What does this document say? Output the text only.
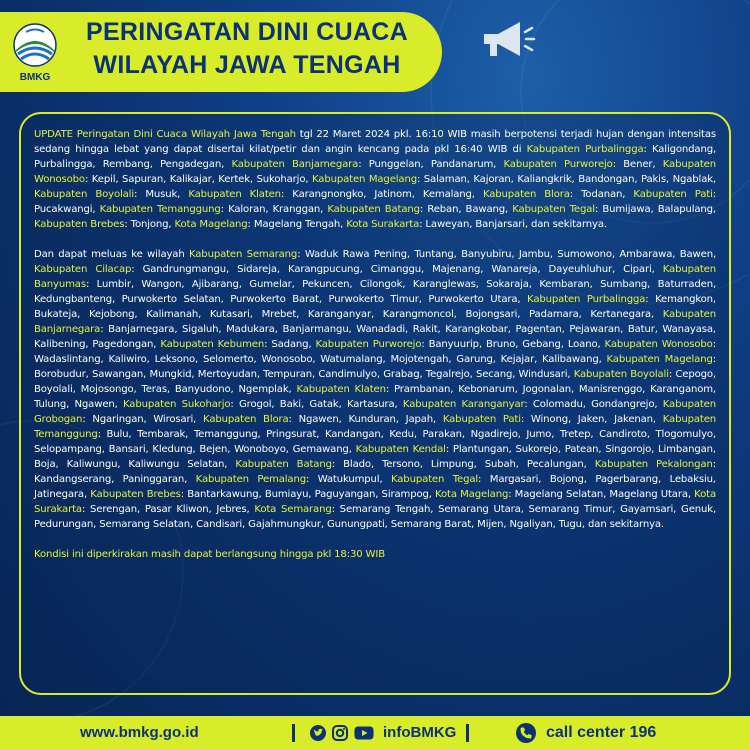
BMKG
PERINGATAN DINI CUACA
WILAYAH JAWA TENGAH

UPDATE Peringatan Dini Cuaca Wilayah Jawa Tengah tgl 22 Maret 2024 pkl. 16:10 WIB masih berpotensi terjadi hujan dengan intensitas sedang hingga lebat yang dapat disertai kilat/petir dan angin kencang pada pkl 16:40 WIB di Kabupaten Purbalingga: Kaligondang, Purbalingga, Rembang, Pengadegan, Kabupaten Banjarnegara: Punggelan, Pandanarum, Kabupaten Purworejo: Bener, Kabupaten Wonosobo: Kepil, Sapuran, Kalikajar, Kertek, Sukoharjo, Kabupaten Magelang: Salaman, Kajoran, Kaliangkrik, Bandongan, Pakis, Ngablak, Kabupaten Boyolali: Musuk, Kabupaten Klaten: Karangnongko, Jatinom, Kemalang, Kabupaten Blora: Todanan, Kabupaten Pati: Pucakwangi, Kabupaten Temanggung: Kaloran, Kranggan, Kabupaten Batang: Reban, Bawang, Kabupaten Tegal: Bumijawa, Balapulang, Kabupaten Brebes: Tonjong, Kota Magelang: Magelang Tengah, Kota Surakarta: Laweyan, Banjarsari, dan sekitarnya.

Dan dapat meluas ke wilayah Kabupaten Semarang: Waduk Rawa Pening, Tuntang, Banyubiru, Jambu, Sumowono, Ambarawa, Bawen, Kabupaten Cilacap: Gandrungmangu, Sidareja, Karangpucung, Cimanggu, Majenang, Wanareja, Dayeuhluhur, Cipari, Kabupaten Banyumas: Lumbir, Wangon, Ajibarang, Gumelar, Pekuncen, Cilongok, Karanglewas, Sokaraja, Kembaran, Sumbang, Baturraden, Kedungbanteng, Purwokerto Selatan, Purwokerto Barat, Purwokerto Timur, Purwokerto Utara, Kabupaten Purbalingga: Kemangkon, Bukateja, Kejobong, Kalimanah, Kutasari, Mrebet, Karanganyar, Karangmoncol, Bojongsari, Padamara, Kertanegara, Kabupaten Banjarnegara: Banjarnegara, Sigaluh, Madukara, Banjarmangu, Wanadadi, Rakit, Karangkobar, Pagentan, Pejawaran, Batur, Wanayasa, Kalibening, Pagedongan, Kabupaten Kebumen: Sadang, Kabupaten Purworejo: Banyuurip, Bruno, Gebang, Loano, Kabupaten Wonosobo: Wadaslintang, Kaliwiro, Leksono, Selomerto, Wonosobo, Watumalang, Mojotengah, Garung, Kejajar, Kalibawang, Kabupaten Magelang: Borobudur, Sawangan, Mungkid, Mertoyudan, Tempuran, Candimulyo, Grabag, Tegalrejo, Secang, Windusari, Kabupaten Boyolali: Cepogo, Boyolali, Mojosongo, Teras, Banyudono, Ngemplak, Kabupaten Klaten: Prambanan, Kebonarum, Jogonalan, Manisrenggo, Karanganom, Tulung, Ngawen, Kabupaten Sukoharjo: Grogol, Baki, Gatak, Kartasura, Kabupaten Karanganyar: Colomadu, Gondangrejo, Kabupaten Grobogan: Ngaringan, Wirosari, Kabupaten Blora: Ngawen, Kunduran, Japah, Kabupaten Pati: Winong, Jaken, Jakenan, Kabupaten Temanggung: Bulu, Tembarak, Temanggung, Pringsurat, Kandangan, Kedu, Parakan, Ngadirejo, Jumo, Tretep, Candiroto, Tlogomulyo, Selopampang, Bansari, Kledung, Bejen, Wonoboyo, Gemawang, Kabupaten Kendal: Plantungan, Sukorejo, Patean, Singorojo, Limbangan, Boja, Kaliwungu, Kaliwungu Selatan, Kabupaten Batang: Blado, Tersono, Limpung, Subah, Pecalungan, Kabupaten Pekalongan: Kandangserang, Paninggaran, Kabupaten Pemalang: Watukumpul, Kabupaten Tegal: Margasari, Bojong, Pagerbarang, Lebaksiu, Jatinegara, Kabupaten Brebes: Bantarkawung, Bumiayu, Paguyangan, Sirampog, Kota Magelang: Magelang Selatan, Magelang Utara, Kota Surakarta: Serengan, Pasar Kliwon, Jebres, Kota Semarang: Semarang Tengah, Semarang Utara, Semarang Timur, Gayamsari, Genuk, Pedurungan, Semarang Selatan, Candisari, Gajahmungkur, Gunungpati, Semarang Barat, Mijen, Ngaliyan, Tugu, dan sekitarnya.

Kondisi ini diperkirakan masih dapat berlangsung hingga pkl 18:30 WIB

www.bmkg.go.id	infoBMKG	call center 196
